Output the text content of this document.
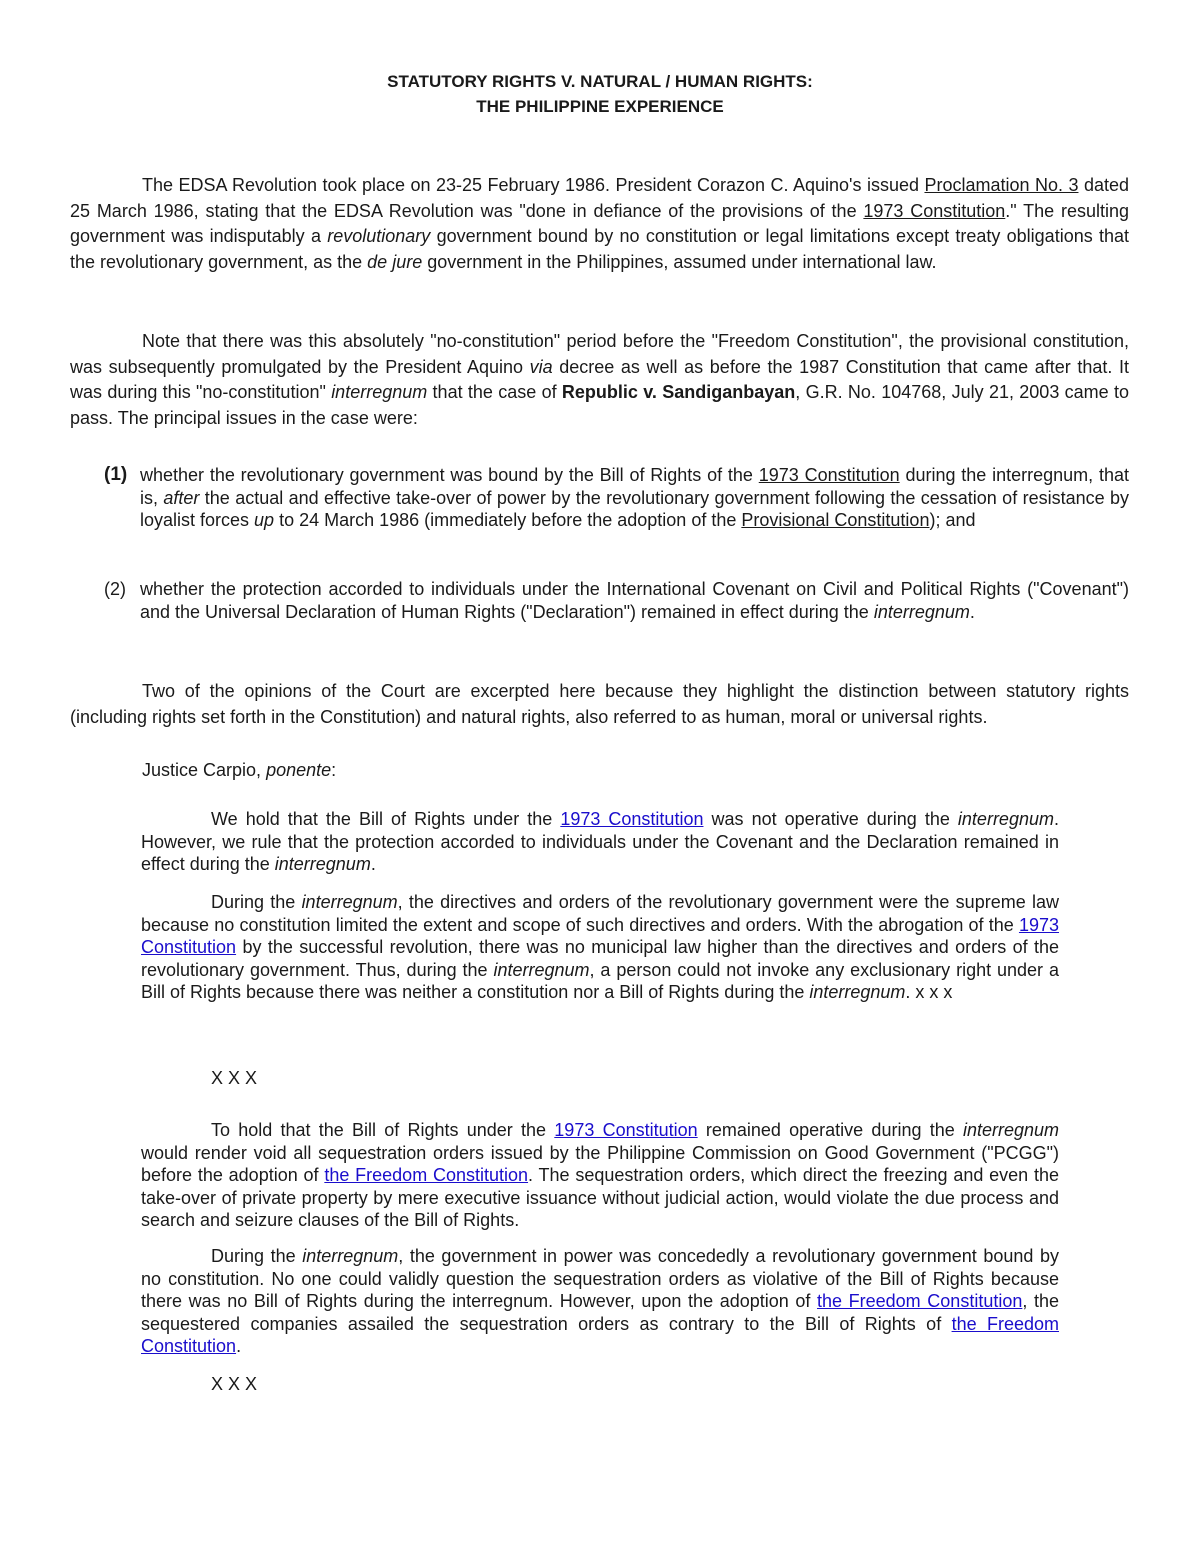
STATUTORY RIGHTS V. NATURAL / HUMAN RIGHTS:

THE PHILIPPINE EXPERIENCE

The EDSA Revolution took place on 23-25 February 1986. President Corazon C. Aquino's issued Proclamation No. 3 dated 25 March 1986, stating that the EDSA Revolution was "done in defiance of the provisions of the 1973 Constitution." The resulting government was indisputably a revolutionary government bound by no constitution or legal limitations except treaty obligations that the revolutionary government, as the de jure government in the Philippines, assumed under international law.

Note that there was this absolutely "no-constitution" period before the "Freedom Constitution", the provisional constitution, was subsequently promulgated by the President Aquino via decree as well as before the 1987 Constitution that came after that. It was during this "no-constitution" interregnum that the case of Republic v. Sandiganbayan, G.R. No. 104768, July 21, 2003 came to pass. The principal issues in the case were:

(1) whether the revolutionary government was bound by the Bill of Rights of the 1973 Constitution during the interregnum, that is, after the actual and effective take-over of power by the revolutionary government following the cessation of resistance by loyalist forces up to 24 March 1986 (immediately before the adoption of the Provisional Constitution); and

(2) whether the protection accorded to individuals under the International Covenant on Civil and Political Rights ("Covenant") and the Universal Declaration of Human Rights ("Declaration") remained in effect during the interregnum.

Two of the opinions of the Court are excerpted here because they highlight the distinction between statutory rights (including rights set forth in the Constitution) and natural rights, also referred to as human, moral or universal rights.

Justice Carpio, ponente:

We hold that the Bill of Rights under the 1973 Constitution was not operative during the interregnum. However, we rule that the protection accorded to individuals under the Covenant and the Declaration remained in effect during the interregnum.

During the interregnum, the directives and orders of the revolutionary government were the supreme law because no constitution limited the extent and scope of such directives and orders. With the abrogation of the 1973 Constitution by the successful revolution, there was no municipal law higher than the directives and orders of the revolutionary government. Thus, during the interregnum, a person could not invoke any exclusionary right under a Bill of Rights because there was neither a constitution nor a Bill of Rights during the interregnum. x x x

X X X

To hold that the Bill of Rights under the 1973 Constitution remained operative during the interregnum would render void all sequestration orders issued by the Philippine Commission on Good Government ("PCGG") before the adoption of the Freedom Constitution. The sequestration orders, which direct the freezing and even the take-over of private property by mere executive issuance without judicial action, would violate the due process and search and seizure clauses of the Bill of Rights.

During the interregnum, the government in power was concededly a revolutionary government bound by no constitution. No one could validly question the sequestration orders as violative of the Bill of Rights because there was no Bill of Rights during the interregnum. However, upon the adoption of the Freedom Constitution, the sequestered companies assailed the sequestration orders as contrary to the Bill of Rights of the Freedom Constitution.

X X X
